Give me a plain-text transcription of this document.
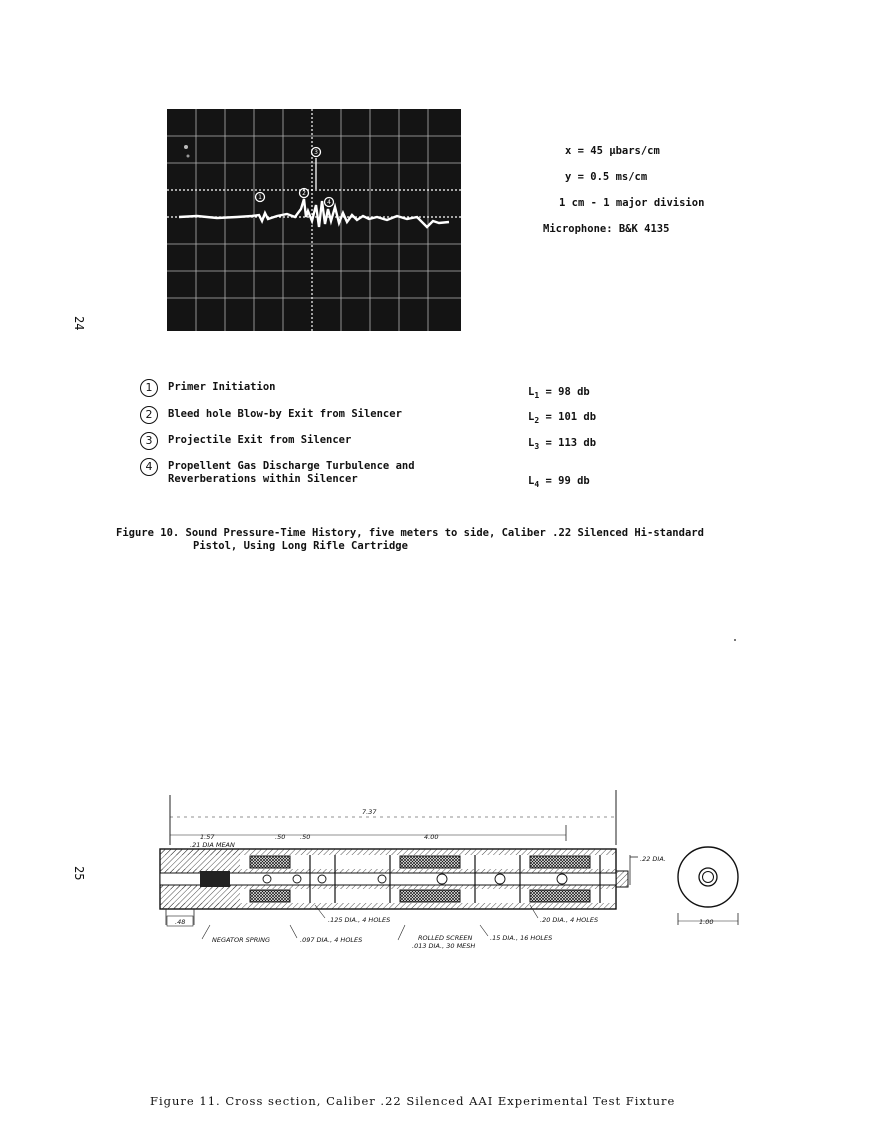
24
1
2
3
4
x = 45 µbars/cm
y = 0.5 ms/cm
1 cm - 1 major division
Microphone: B&K 4135
1	Primer Initiation
2	Bleed hole Blow-by Exit from Silencer
3	Projectile Exit from Silencer
4	Propellent Gas Discharge Turbulence and
Reverberations within Silencer
$L_1 = 98$ db
$L_2 = 101$ db
$L_3 = 113$ db
$L_4 = 99$ db
Figure 10. Sound Pressure-Time History, five meters to side, Caliber .22 Silenced Hi-standard
Pistol, Using Long Rifle Cartridge
25
7.37
1.57
.21 DIA MEAN
.50 .50	4.00
.22 DIA.
1.00
.48	.125 DIA., 4 HOLES	.20 DIA., 4 HOLES
NEGATOR SPRING	.097 DIA., 4 HOLES	ROLLED SCREEN
.013 DIA., 30 MESH
.15 DIA., 16 HOLES
Figure 11. Cross section, Caliber .22 Silenced AAI Experimental Test Fixture
